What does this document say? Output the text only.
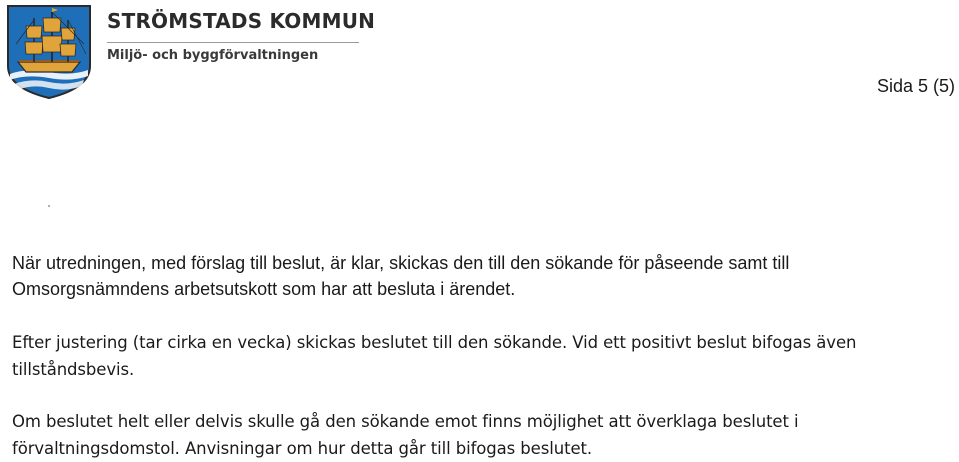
STRÖMSTADS KOMMUN
Miljö- och byggförvaltningen
Sida 5 (5)

När utredningen, med förslag till beslut, är klar, skickas den till den sökande för påseende samt till
Omsorgsnämndens arbetsutskott som har att besluta i ärendet.

Efter justering (tar cirka en vecka) skickas beslutet till den sökande. Vid ett positivt beslut bifogas även
tillståndsbevis.

Om beslutet helt eller delvis skulle gå den sökande emot finns möjlighet att överklaga beslutet i
förvaltningsdomstol. Anvisningar om hur detta går till bifogas beslutet.
